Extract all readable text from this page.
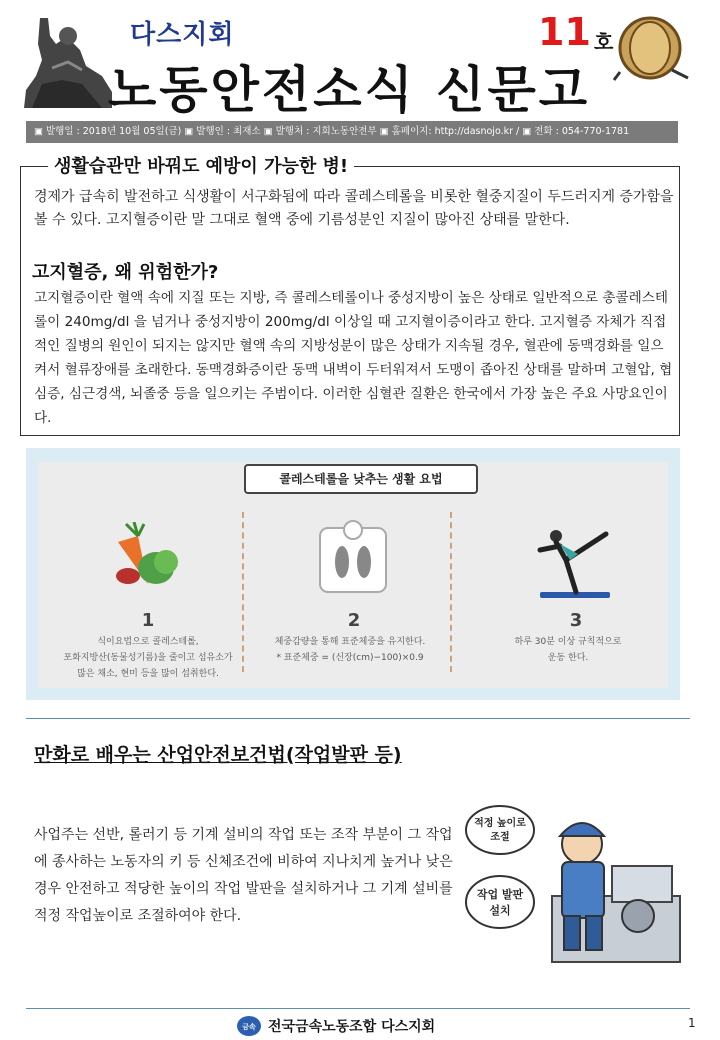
다스지회
노동안전소식 신문고
11 호
▣ 발행일 : 2018년 10월 05일(금) ▣ 발행인 : 최재소 ▣ 발행처 : 지회노동안전부 ▣ 홈페이지: http://dasnojo.kr / ▣ 전화 : 054-770-1781
생활습관만 바꿔도 예방이 가능한 병!
경제가 급속히 발전하고 식생활이 서구화됨에 따라 콜레스테롤을 비롯한 혈중지질이 두드러지게 증가함을 볼 수 있다. 고지혈증이란 말 그대로 혈액 중에 기름성분인 지질이 많아진 상태를 말한다.
고지혈증, 왜 위험한가?
고지혈증이란 혈액 속에 지질 또는 지방, 즉 콜레스테롤이나 중성지방이 높은 상태로 일반적으로 총콜레스테롤이 240mg/dl 을 넘거나 중성지방이 200mg/dl 이상일 때 고지혈이증이라고 한다. 고지혈증 자체가 직접적인 질병의 원인이 되지는 않지만 혈액 속의 지방성분이 많은 상태가 지속될 경우, 혈관에 동맥경화를 일으켜서 혈류장애를 초래한다. 동맥경화증이란 동맥 내벽이 두터워져서 도맹이 좁아진 상태를 말하며 고혈압, 협심증, 심근경색, 뇌졸중 등을 일으키는 주범이다. 이러한 심혈관 질환은 한국에서 가장 높은 주요 사망요인이다.
콜레스테롤을 낮추는 생활 요법
1
식이요법으로 콜레스테롤,
포화지방산(동물성기름)을 줄이고 섬유소가
많은 채소, 현미 등을 많이 섭취한다.
2
체중감량을 통해 표준체중을 유지한다.
* 표준체중 = (신장(cm)−100)×0.9
3
하루 30분 이상 규칙적으로
운동 한다.
만화로 배우는 산업안전보건법(작업발판 등)
사업주는 선반, 롤러기 등 기계 설비의 작업 또는 조작 부분이 그 작업에 종사하는 노동자의 키 등 신체조건에 비하여 지나치게 높거나 낮은 경우 안전하고 적당한 높이의 작업 발판을 설치하거나 그 기계 설비를 적정 작업높이로 조절하여야 한다.
적정 높이로
조절
작업 발판
설치
금속 전국금속노동조합 다스지회	1
